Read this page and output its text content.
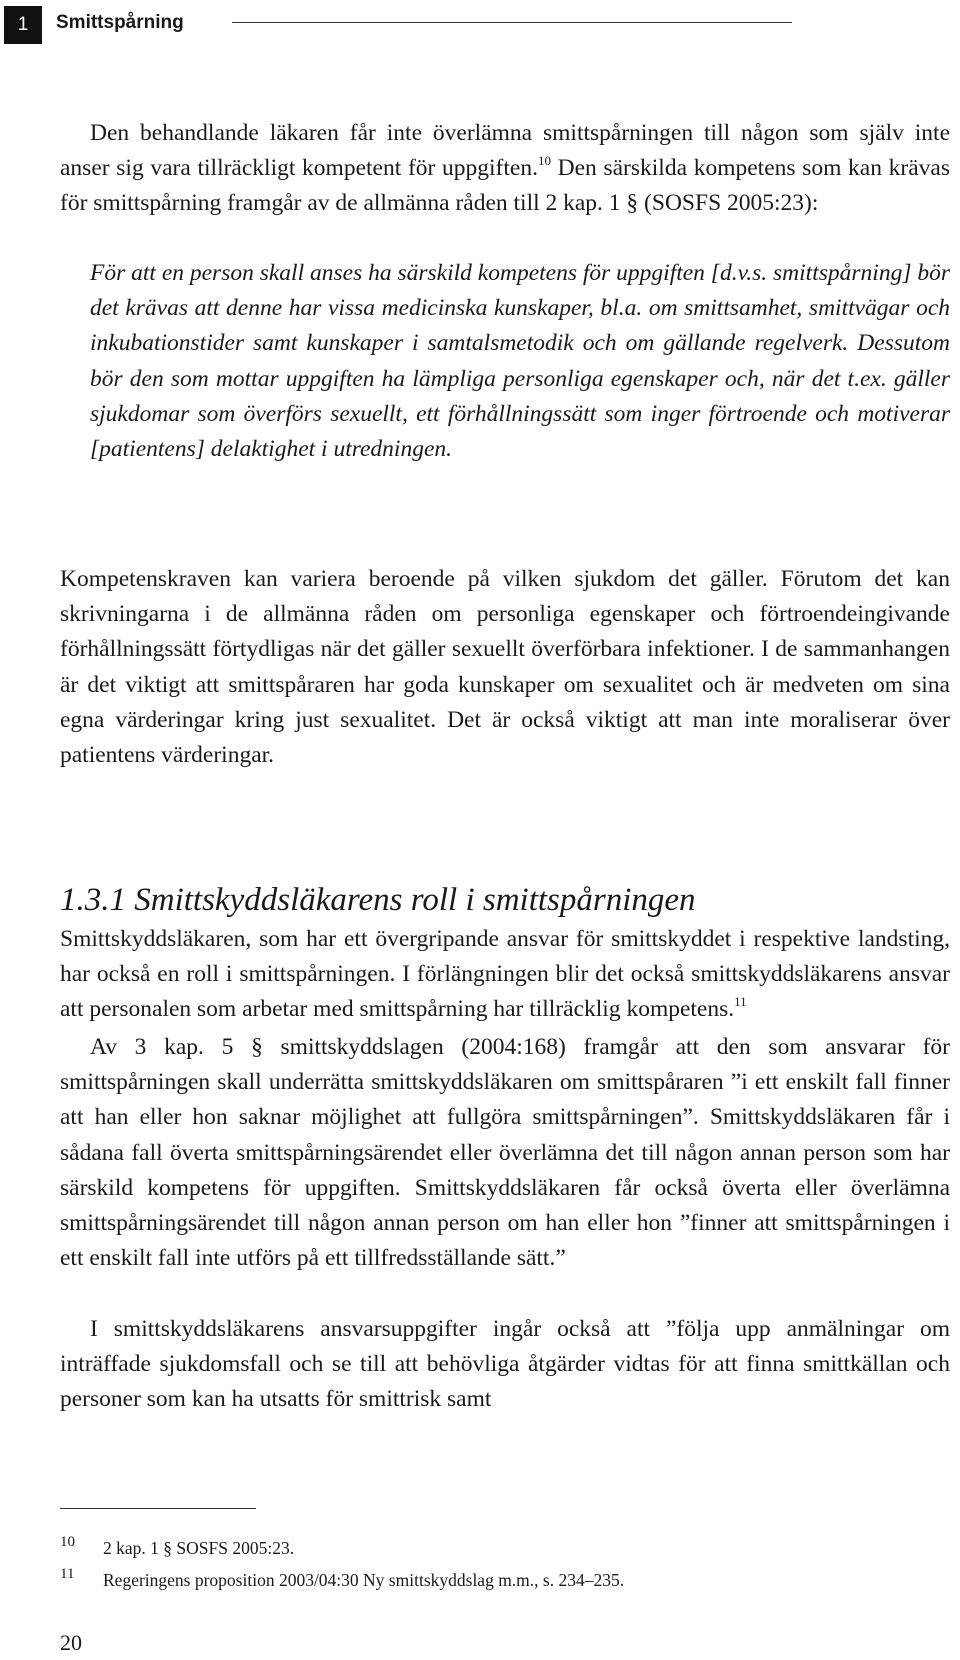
1	Smittspårning

Den behandlande läkaren får inte överlämna smittspårningen till någon som själv inte anser sig vara tillräckligt kompetent för uppgiften.$^{10}$ Den särskilda kompetens som kan krävas för smittspårning framgår av de allmänna råden till 2 kap. 1 § (SOSFS 2005:23):

För att en person skall anses ha särskild kompetens för uppgiften [d.v.s. smittspårning] bör det krävas att denne har vissa medicinska kunskaper, bl.a. om smittsamhet, smittvägar och inkubationstider samt kunskaper i samtalsmetodik och om gällande regelverk. Dessutom bör den som mottar uppgiften ha lämpliga personliga egenskaper och, när det t.ex. gäller sjukdomar som överförs sexuellt, ett förhållningssätt som inger förtroende och motiverar [patientens] delaktighet i utredningen.

Kompetenskraven kan variera beroende på vilken sjukdom det gäller. Förutom det kan skrivningarna i de allmänna råden om personliga egenskaper och förtroendeingivande förhållningssätt förtydligas när det gäller sexuellt överförbara infektioner. I de sammanhangen är det viktigt att smittspåraren har goda kunskaper om sexualitet och är medveten om sina egna värderingar kring just sexualitet. Det är också viktigt att man inte moraliserar över patientens värderingar.

1.3.1 Smittskyddsläkarens roll i smittspårningen

Smittskyddsläkaren, som har ett övergripande ansvar för smittskyddet i respektive landsting, har också en roll i smittspårningen. I förlängningen blir det också smittskyddsläkarens ansvar att personalen som arbetar med smittspårning har tillräcklig kompetens.$^{11}$

Av 3 kap. 5 § smittskyddslagen (2004:168) framgår att den som ansvarar för smittspårningen skall underrätta smittskyddsläkaren om smittspåraren ”i ett enskilt fall finner att han eller hon saknar möjlighet att fullgöra smittspårningen”. Smittskyddsläkaren får i sådana fall överta smittspårningsärendet eller överlämna det till någon annan person som har särskild kompetens för uppgiften. Smittskyddsläkaren får också överta eller överlämna smittspårningsärendet till någon annan person om han eller hon ”finner att smittspårningen i ett enskilt fall inte utförs på ett tillfredsställande sätt.”

I smittskyddsläkarens ansvarsuppgifter ingår också att ”följa upp anmälningar om inträffade sjukdomsfall och se till att behövliga åtgärder vidtas för att finna smittkällan och personer som kan ha utsatts för smittrisk samt

10 2 kap. 1 § SOSFS 2005:23.
11 Regeringens proposition 2003/04:30 Ny smittskyddslag m.m., s. 234–235.
20
